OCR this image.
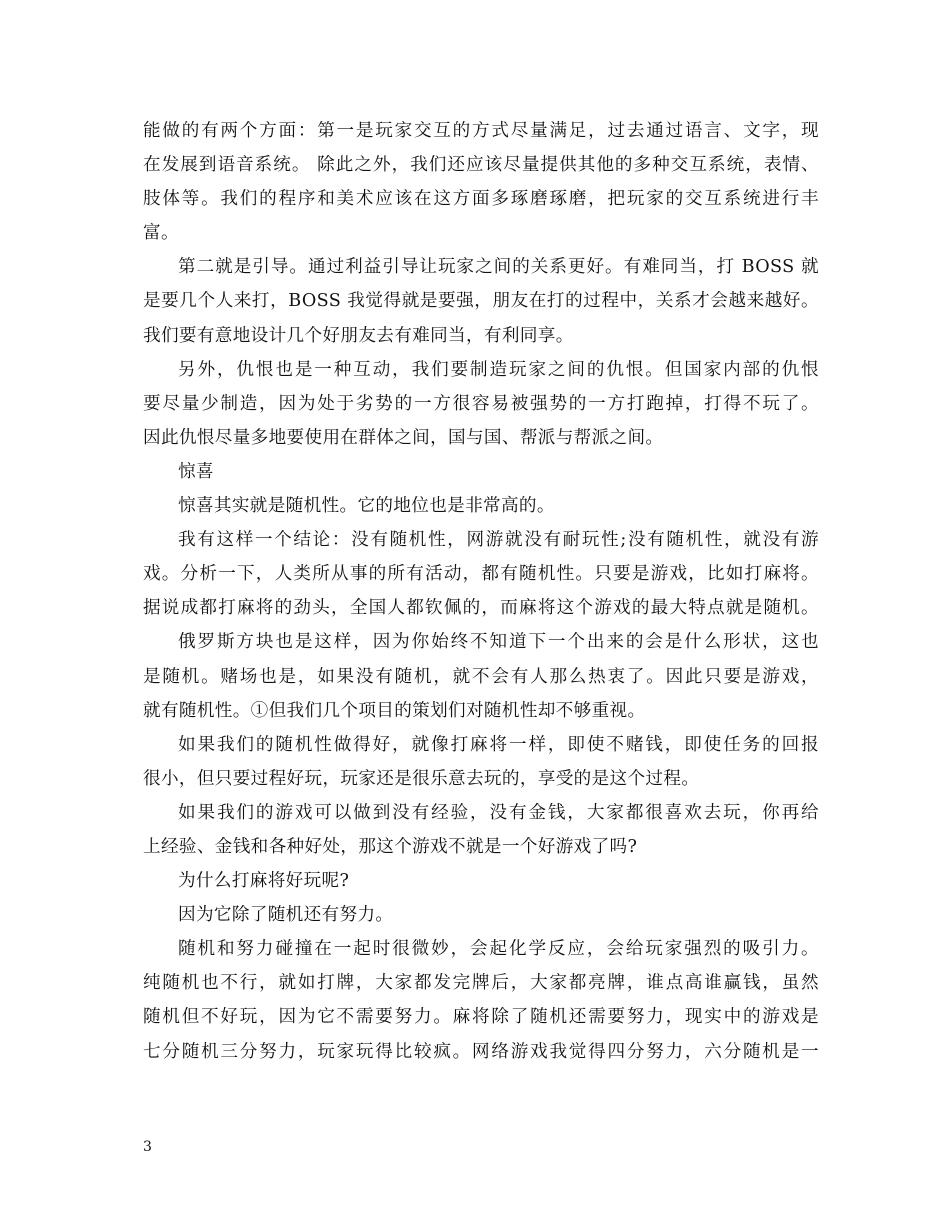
能做的有两个方面：第一是玩家交互的方式尽量满足，过去通过语言、文字，现
在发展到语音系统。 除此之外，我们还应该尽量提供其他的多种交互系统，表情、
肢体等。我们的程序和美术应该在这方面多琢磨琢磨，把玩家的交互系统进行丰
富。
第二就是引导。通过利益引导让玩家之间的关系更好。有难同当，打 BOSS 就
是要几个人来打，BOSS 我觉得就是要强，朋友在打的过程中，关系才会越来越好。
我们要有意地设计几个好朋友去有难同当，有利同享。
另外，仇恨也是一种互动，我们要制造玩家之间的仇恨。但国家内部的仇恨
要尽量少制造，因为处于劣势的一方很容易被强势的一方打跑掉，打得不玩了。
因此仇恨尽量多地要使用在群体之间，国与国、帮派与帮派之间。
惊喜
惊喜其实就是随机性。它的地位也是非常高的。
我有这样一个结论：没有随机性，网游就没有耐玩性;没有随机性，就没有游
戏。分析一下，人类所从事的所有活动，都有随机性。只要是游戏，比如打麻将。
据说成都打麻将的劲头，全国人都钦佩的，而麻将这个游戏的最大特点就是随机。
俄罗斯方块也是这样，因为你始终不知道下一个出来的会是什么形状，这也
是随机。赌场也是，如果没有随机，就不会有人那么热衷了。因此只要是游戏，
就有随机性。①但我们几个项目的策划们对随机性却不够重视。
如果我们的随机性做得好，就像打麻将一样，即使不赌钱，即使任务的回报
很小，但只要过程好玩，玩家还是很乐意去玩的，享受的是这个过程。
如果我们的游戏可以做到没有经验，没有金钱，大家都很喜欢去玩，你再给
上经验、金钱和各种好处，那这个游戏不就是一个好游戏了吗?
为什么打麻将好玩呢?
因为它除了随机还有努力。
随机和努力碰撞在一起时很微妙，会起化学反应，会给玩家强烈的吸引力。
纯随机也不行，就如打牌，大家都发完牌后，大家都亮牌，谁点高谁赢钱，虽然
随机但不好玩，因为它不需要努力。麻将除了随机还需要努力，现实中的游戏是
七分随机三分努力，玩家玩得比较疯。网络游戏我觉得四分努力，六分随机是一
3
